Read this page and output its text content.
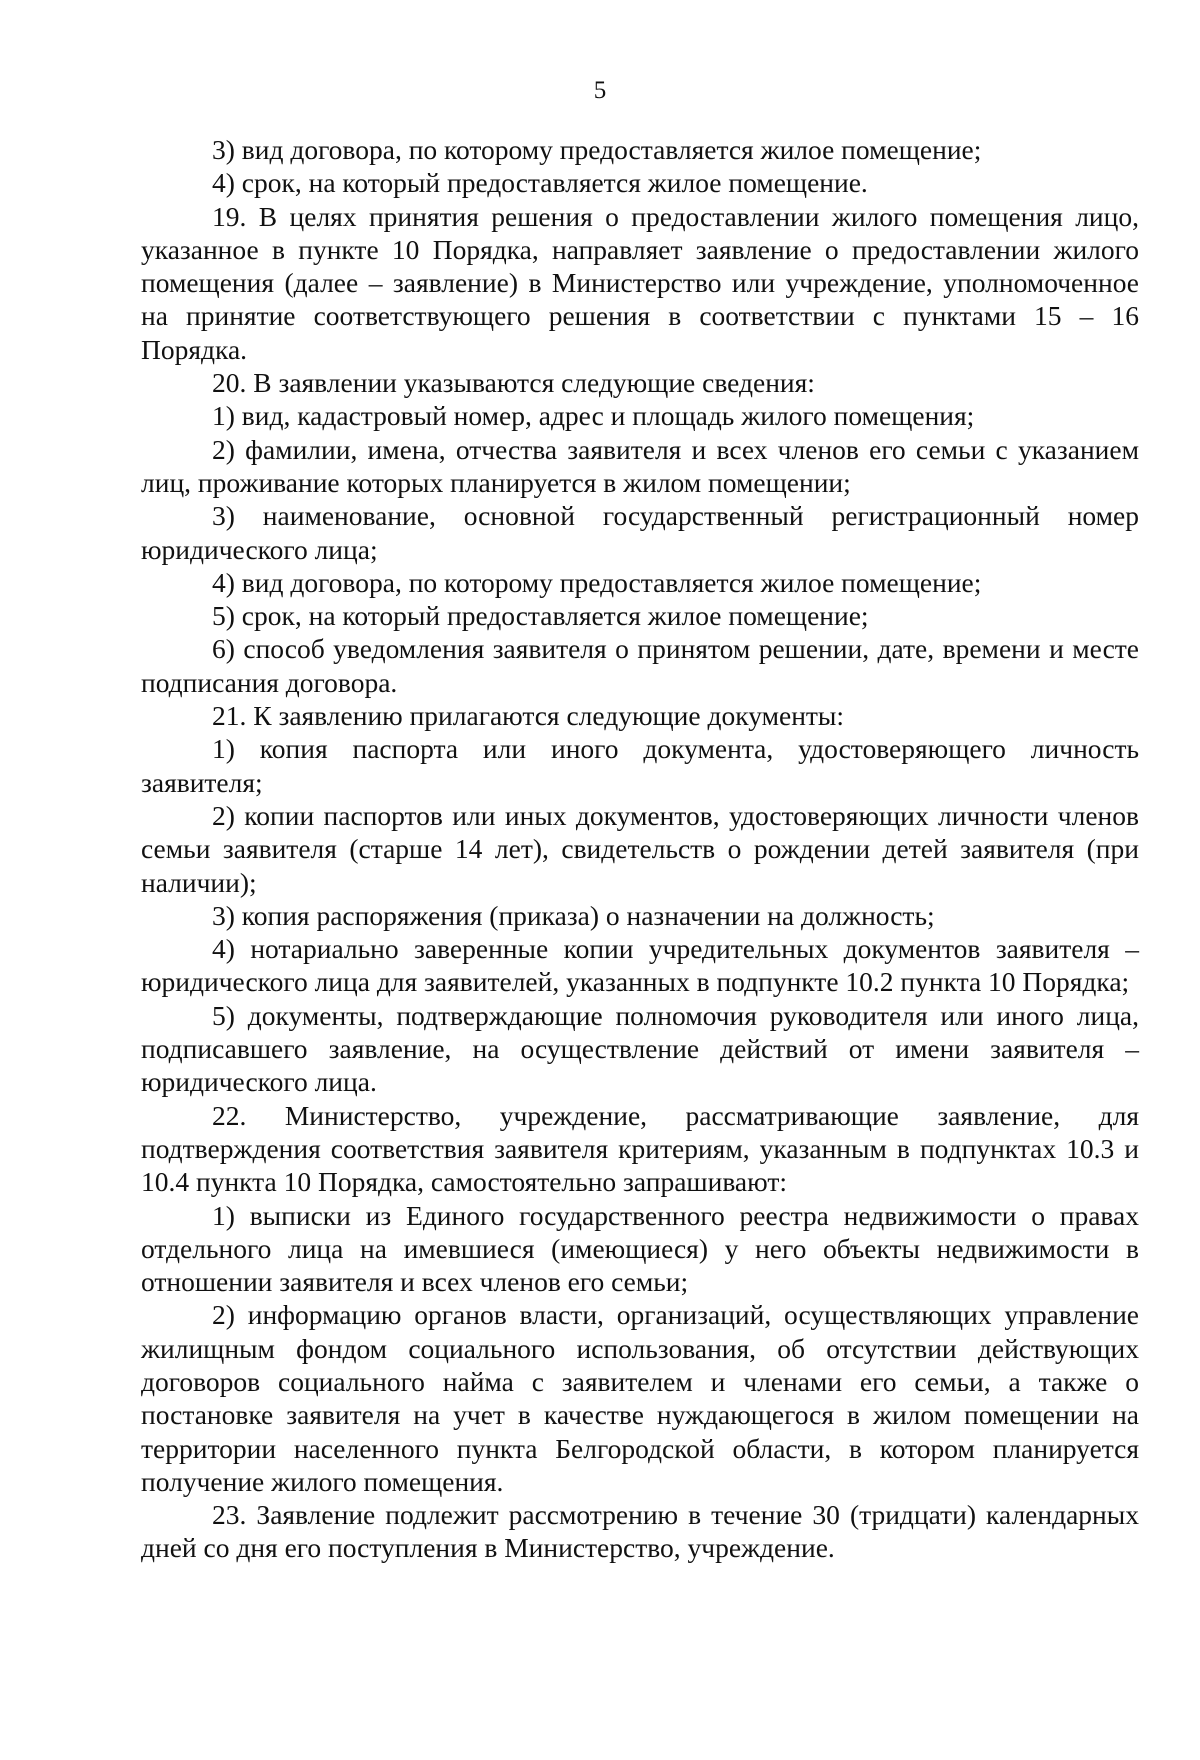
5

3) вид договора, по которому предоставляется жилое помещение;

4) срок, на который предоставляется жилое помещение.

19. В целях принятия решения о предоставлении жилого помещения лицо, указанное в пункте 10 Порядка, направляет заявление о предоставлении жилого помещения (далее – заявление) в Министерство или учреждение, уполномоченное на принятие соответствующего решения в соответствии с пунктами 15 – 16 Порядка.

20. В заявлении указываются следующие сведения:

1) вид, кадастровый номер, адрес и площадь жилого помещения;

2) фамилии, имена, отчества заявителя и всех членов его семьи с указанием лиц, проживание которых планируется в жилом помещении;

3) наименование, основной государственный регистрационный номер юридического лица;

4) вид договора, по которому предоставляется жилое помещение;

5) срок, на который предоставляется жилое помещение;

6) способ уведомления заявителя о принятом решении, дате, времени и месте подписания договора.

21. К заявлению прилагаются следующие документы:

1) копия паспорта или иного документа, удостоверяющего личность заявителя;

2) копии паспортов или иных документов, удостоверяющих личности членов семьи заявителя (старше 14 лет), свидетельств о рождении детей заявителя (при наличии);

3) копия распоряжения (приказа) о назначении на должность;

4) нотариально заверенные копии учредительных документов заявителя – юридического лица для заявителей, указанных в подпункте 10.2 пункта 10 Порядка;

5) документы, подтверждающие полномочия руководителя или иного лица, подписавшего заявление, на осуществление действий от имени заявителя – юридического лица.

22. Министерство, учреждение, рассматривающие заявление, для подтверждения соответствия заявителя критериям, указанным в подпунктах 10.3 и 10.4 пункта 10 Порядка, самостоятельно запрашивают:

1) выписки из Единого государственного реестра недвижимости о правах отдельного лица на имевшиеся (имеющиеся) у него объекты недвижимости в отношении заявителя и всех членов его семьи;

2) информацию органов власти, организаций, осуществляющих управление жилищным фондом социального использования, об отсутствии действующих договоров социального найма с заявителем и членами его семьи, а также о постановке заявителя на учет в качестве нуждающегося в жилом помещении на территории населенного пункта Белгородской области, в котором планируется получение жилого помещения.

23. Заявление подлежит рассмотрению в течение 30 (тридцати) календарных дней со дня его поступления в Министерство, учреждение.
